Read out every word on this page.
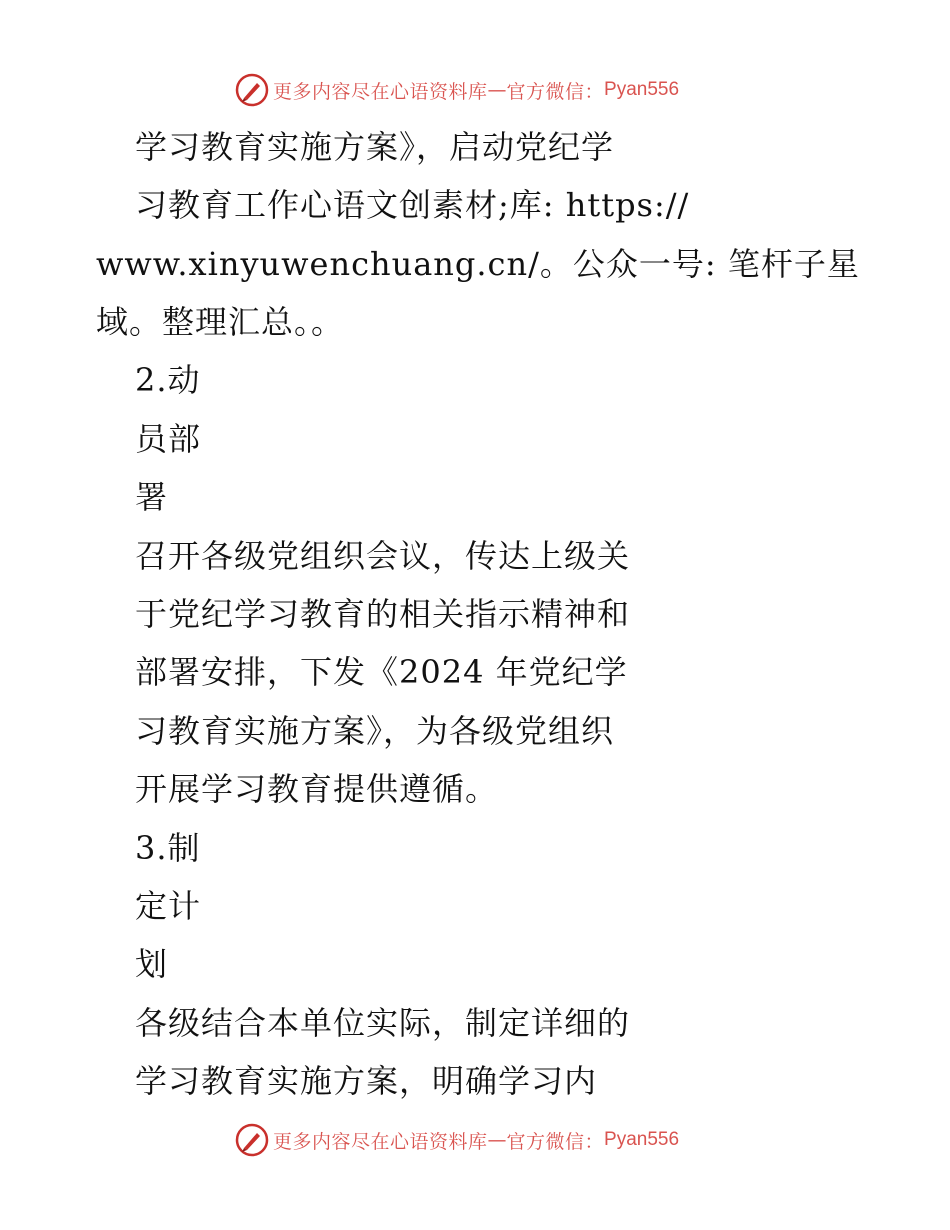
更多内容尽在心语资料库 — 官方微信： Pyan556
学习教育实施方案》，启动党纪学
习教育工作心语文创素材;库: https://
www.xinyuwenchuang.cn/。公众一号: 笔杆子星
域。整理汇总。。
2.动
员部
署
召开各级党组织会议，传达上级关
于党纪学习教育的相关指示精神和
部署安排，下发《2024 年党纪学
习教育实施方案》，为各级党组织
开展学习教育提供遵循。
3.制
定计
划
各级结合本单位实际，制定详细的
学习教育实施方案，明确学习内
更多内容尽在心语资料库 — 官方微信： Pyan556
